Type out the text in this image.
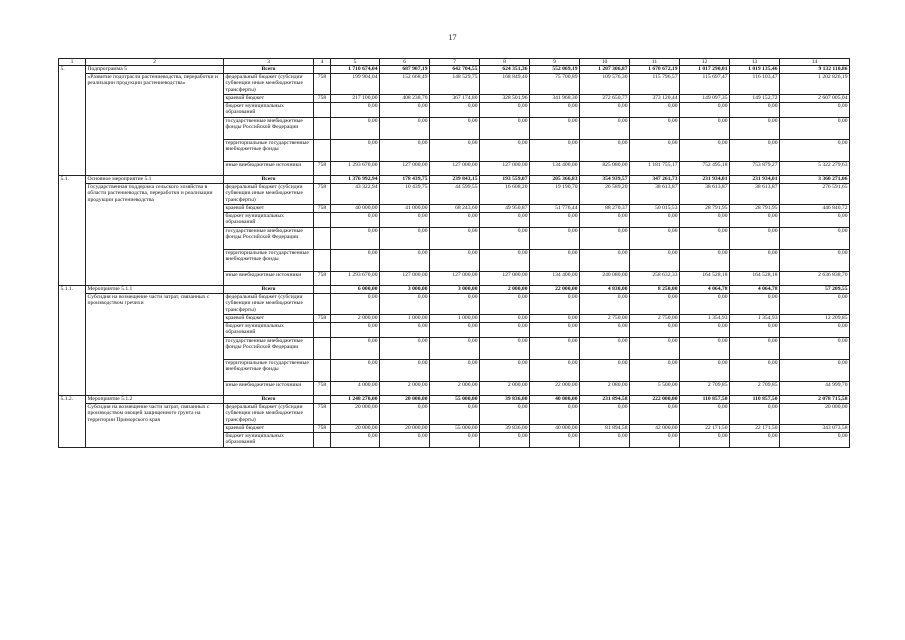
17
1	2	3	4	5	6	7	8	9	10	11	12	13	14
5.	Подпрограмма 5	Всего		1 710 674,04	687 907,19	642 704,55	624 351,36	552 069,19	1 207 306,87	1 670 672,19	1 017 290,01	1 019 135,46	9 132 110,86
	«Развитие подотрасли растениеводства, переработки и реализации продукции растениеводства»	федеральный бюджет (субсидии субвенции иные межбюджетные трансферты)	758	199 904,04	152 668,49	148 529,75	168 849,40	75 700,89	109 576,30	115 796,57	115 697,47	116 103,47	1 202 826,19
		краевой бюджет	758	217 100,00	408 238,70	367 174,80	328 501,96	341 968,30	272 650,77	373 120,44	149 097,35	149 152,72	2 607 005,04
		бюджет муниципальных образований		0,00	0,00	0,00	0,00	0,00	0,00	0,00	0,00	0,00	0,00
		государственные внебюджетные фонды Российской Федерации		0,00	0,00	0,00	0,00	0,00	0,00	0,00	0,00	0,00	0,00
		территориальные государственные внебюджетные фонды		0,00	0,00	0,00	0,00	0,00	0,00	0,00	0,00	0,00	0,00
		иные внебюджетные источники	758	1 293 670,00	127 000,00	127 000,00	127 000,00	134 400,00	825 080,00	1 181 755,17	752 495,18	753 879,27	5 322 279,63
5.1.	Основное мероприятие 5.1	Всего		1 376 992,94	178 439,75	239 843,15	193 559,07	205 366,83	354 939,57	347 261,73	231 934,01	231 934,01	3 360 271,06
	Государственная поддержка сельского хозяйства в области растениеводства, переработки и реализации продукции растениеводства	федеральный бюджет (субсидии субвенции иные межбюджетные трансферты)	758	43 322,94	10 439,75	44 599,55	16 608,20	19 190,70	26 589,20	38 613,87	38 613,87	38 613,87	276 591,65
		краевой бюджет	758	40 000,00	41 000,00	68 243,60	49 950,87	51 776,44	88 270,37	50 015,53	28 791,95	28 791,95	446 840,72
		бюджет муниципальных образований		0,00	0,00	0,00	0,00	0,00	0,00	0,00	0,00	0,00	0,00
		государственные внебюджетные фонды Российской Федерации		0,00	0,00	0,00	0,00	0,00	0,00	0,00	0,00	0,00	0,00
		территориальные государственные внебюджетные фонды		0,00	0,00	0,00	0,00	0,00	0,00	0,00	0,00	0,00	0,00
		иные внебюджетные источники	758	1 293 670,00	127 000,00	127 000,00	127 000,00	134 400,00	240 080,00	258 632,33	164 528,18	164 528,18	2 636 838,70
5.1.1.	Мероприятие 5.1.1	Всего		6 000,00	3 000,00	3 000,00	2 000,00	22 000,00	4 830,00	8 250,00	4 064,78	4 064,78	57 209,55
	Субсидия на возмещение части затрат, связанных с производством гречихи	федеральный бюджет (субсидии субвенции иные межбюджетные трансферты)		0,00	0,00	0,00	0,00	0,00	0,00	0,00	0,00	0,00	0,00
		краевой бюджет	758	2 000,00	1 000,00	1 000,00	0,00	0,00	2 750,00	2 750,00	1 354,93	1 354,93	12 209,85
		бюджет муниципальных образований		0,00	0,00	0,00	0,00	0,00	0,00	0,00	0,00	0,00	0,00
		государственные внебюджетные фонды Российской Федерации		0,00	0,00	0,00	0,00	0,00	0,00	0,00	0,00	0,00	0,00
		территориальные государственные внебюджетные фонды		0,00	0,00	0,00	0,00	0,00	0,00	0,00	0,00	0,00	0,00
		иные внебюджетные источники	758	4 000,00	2 000,00	2 000,00	2 000,00	22 000,00	2 080,00	5 500,00	2 709,85	2 709,85	44 999,70
5.1.2.	Мероприятие 5.1.2	Всего		1 248 270,00	20 000,00	55 000,00	39 836,00	40 000,00	231 894,58	222 000,00	110 857,50	110 857,50	2 078 715,58
	Субсидия на возмещение части затрат, связанных с производством овощей защищенного грунта на территории Приморского края	федеральный бюджет (субсидии субвенции иные межбюджетные трансферты)	758	20 000,00	0,00	0,00	0,00	0,00	0,00	0,00	0,00	0,00	20 000,00
		краевой бюджет	758	20 000,00	20 000,00	55 000,00	39 836,00	40 000,00	81 894,58	42 000,00	22 171,50	22 171,50	343 073,58
		бюджет муниципальных образований		0,00	0,00	0,00	0,00	0,00	0,00	0,00	0,00	0,00	0,00
